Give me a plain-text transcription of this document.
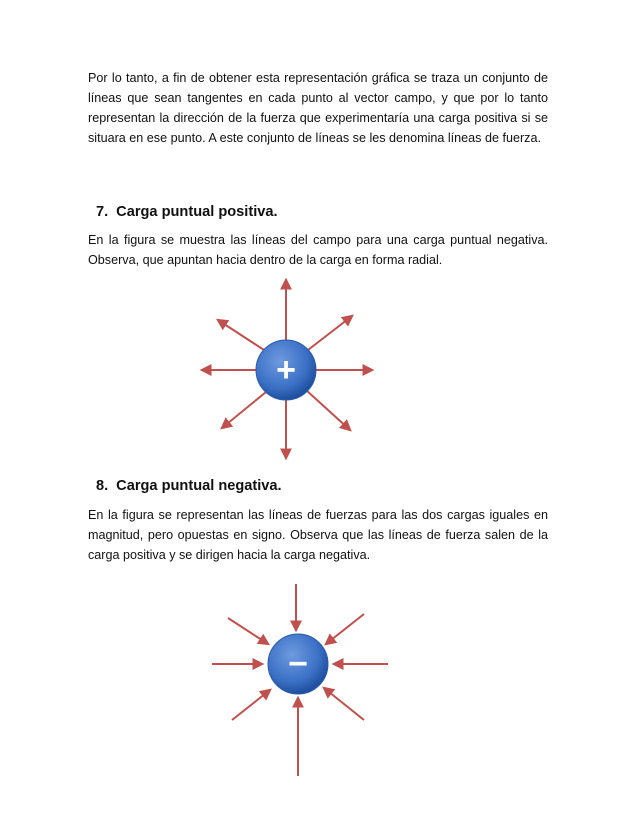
Por lo tanto, a fin de obtener esta representación gráfica se traza un conjunto de líneas que sean tangentes en cada punto al vector campo, y que por lo tanto representan la dirección de la fuerza que experimentaría una carga positiva si se situara en ese punto. A este conjunto de líneas se les denomina líneas de fuerza.

7. Carga puntual positiva.

En la figura se muestra las líneas del campo para una carga puntual negativa. Observa, que apuntan hacia dentro de la carga en forma radial.

+
8. Carga puntual negativa.

En la figura se representan las líneas de fuerzas para las dos cargas iguales en magnitud, pero opuestas en signo. Observa que las líneas de fuerza salen de la carga positiva y se dirigen hacia la carga negativa.

−
